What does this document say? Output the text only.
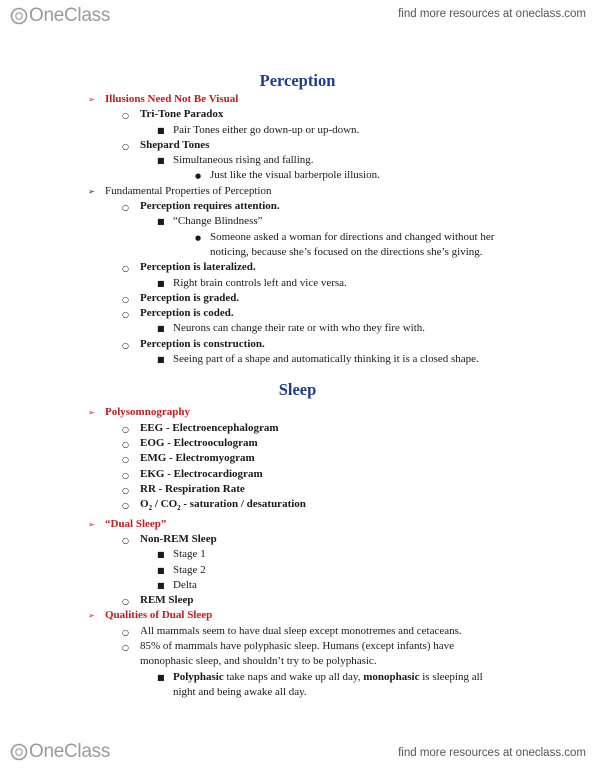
OneClass	find more resources at oneclass.com
Perception
➢ Illusions Need Not Be Visual
○ Tri-Tone Paradox
■ Pair Tones either go down-up or up-down.
○ Shepard Tones
■ Simultaneous rising and falling.
● Just like the visual barberpole illusion.
➢ Fundamental Properties of Perception
○ Perception requires attention.
■ “Change Blindness”
● Someone asked a woman for directions and changed without her
noticing, because she’s focused on the directions she’s giving.
○ Perception is lateralized.
■ Right brain controls left and vice versa.
○ Perception is graded.
○ Perception is coded.
■ Neurons can change their rate or with who they fire with.
○ Perception is construction.
■ Seeing part of a shape and automatically thinking it is a closed shape.
Sleep
➢ Polysomnography
○ EEG - Electroencephalogram
○ EOG - Electrooculogram
○ EMG - Electromyogram
○ EKG - Electrocardiogram
○ RR - Respiration Rate
○ $O_2 / CO_2$ - saturation / desaturation
➢ “Dual Sleep”
○ Non-REM Sleep
■ Stage 1
■ Stage 2
■ Delta
○ REM Sleep
➢ Qualities of Dual Sleep
○ All mammals seem to have dual sleep except monotremes and cetaceans.
○ 85% of mammals have polyphasic sleep. Humans (except infants) have
monophasic sleep, and shouldn’t try to be polyphasic.
■ Polyphasic take naps and wake up all day, monophasic is sleeping all
night and being awake all day.
OneClass	find more resources at oneclass.com
